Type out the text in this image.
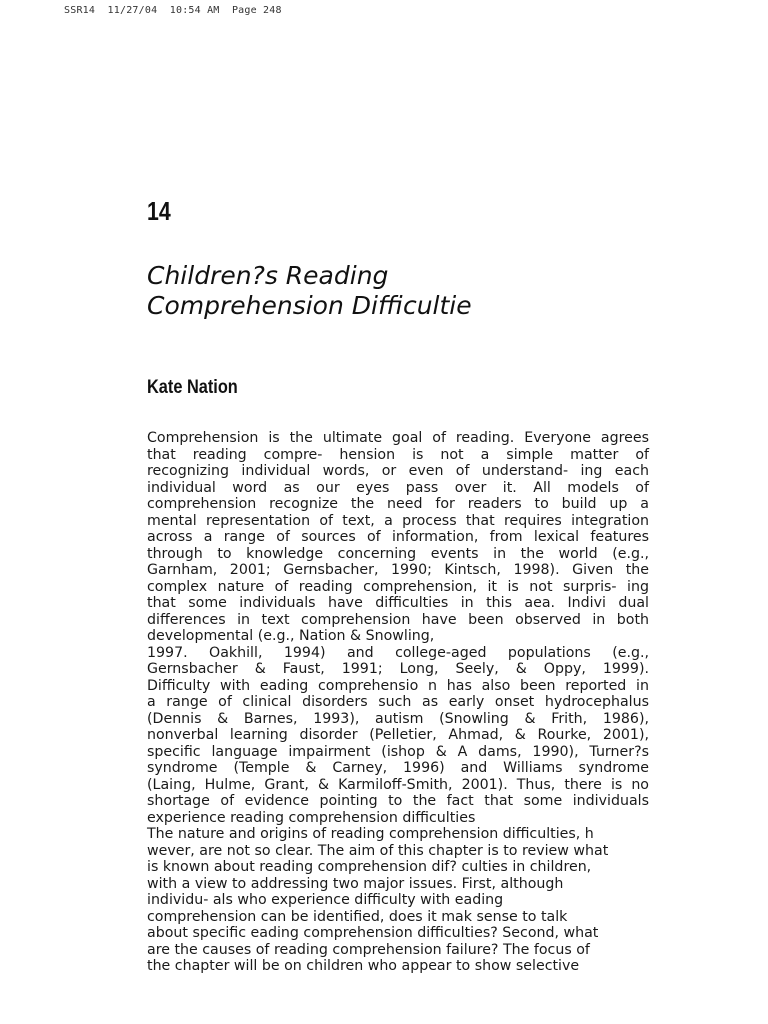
SSR14  11/27/04  10:54 AM  Page 248
14
Children?s Reading
Comprehension Difficultie
Kate Nation
Comprehension is the ultimate goal of reading. Everyone agrees
that reading compre- hension is not a simple matter of
recognizing individual words, or even of understand- ing each
individual word as our eyes pass over it. All models of
comprehension recognize the need for readers to build up a
mental representation of text, a process that requires integration
across a range of sources of information, from lexical features
through to knowledge concerning events in the world (e.g.,
Garnham, 2001; Gernsbacher, 1990; Kintsch, 1998). Given the
complex nature of reading comprehension, it is not surpris- ing
that some individuals have difficulties in this aea. Indivi dual
differences in text comprehension have been observed in both
developmental (e.g., Nation & Snowling,
1997. Oakhill, 1994) and college-aged populations (e.g.,
Gernsbacher & Faust, 1991; Long, Seely, & Oppy, 1999).
Difficulty with eading comprehensio n has also been reported in
a range of clinical disorders such as early onset hydrocephalus
(Dennis & Barnes, 1993), autism (Snowling & Frith, 1986),
nonverbal learning disorder (Pelletier, Ahmad, & Rourke, 2001),
specific language impairment (ishop & A dams, 1990), Turner?s
syndrome (Temple & Carney, 1996) and Williams syndrome
(Laing, Hulme, Grant, & Karmiloff-Smith, 2001). Thus, there is no
shortage of evidence pointing to the fact that some individuals
experience reading comprehension difficulties
The nature and origins of reading comprehension difficulties, h
wever, are not so clear. The aim of this chapter is to review what
is known about reading comprehension dif? culties in children,
with a view to addressing two major issues. First, although
individu- als who experience difficulty with eading
comprehension can be identified, does it mak sense to talk
about specific eading comprehension difficulties? Second, what
are the causes of reading comprehension failure? The focus of
the chapter will be on children who appear to show selective
